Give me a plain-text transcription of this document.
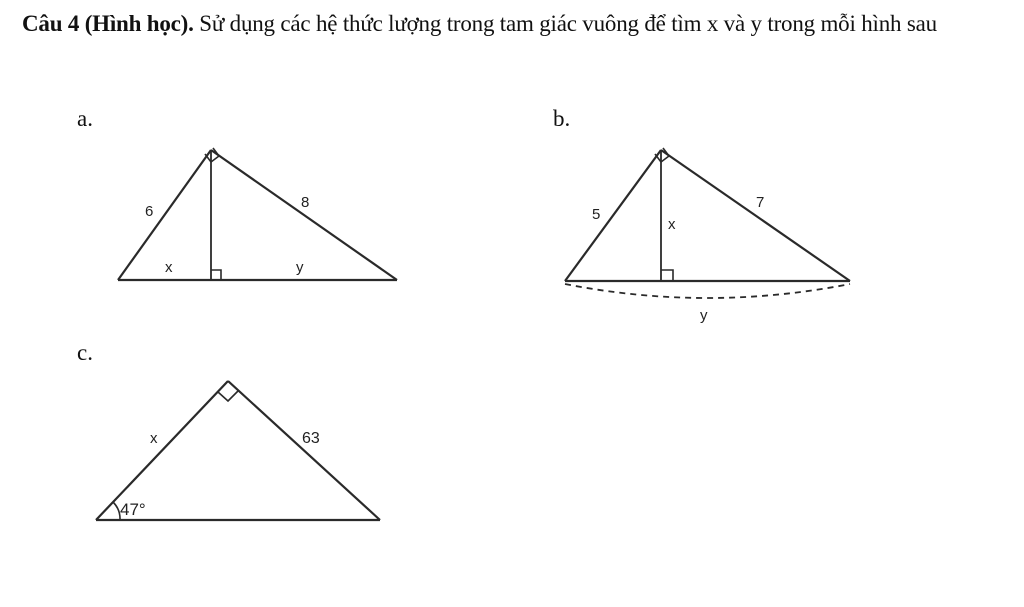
Câu 4 (Hình học). Sử dụng các hệ thức lượng trong tam giác vuông để tìm x và y trong mỗi hình sau
a.	b.
c.
6
8
x	y
5
7
x
y
x	63
47°
